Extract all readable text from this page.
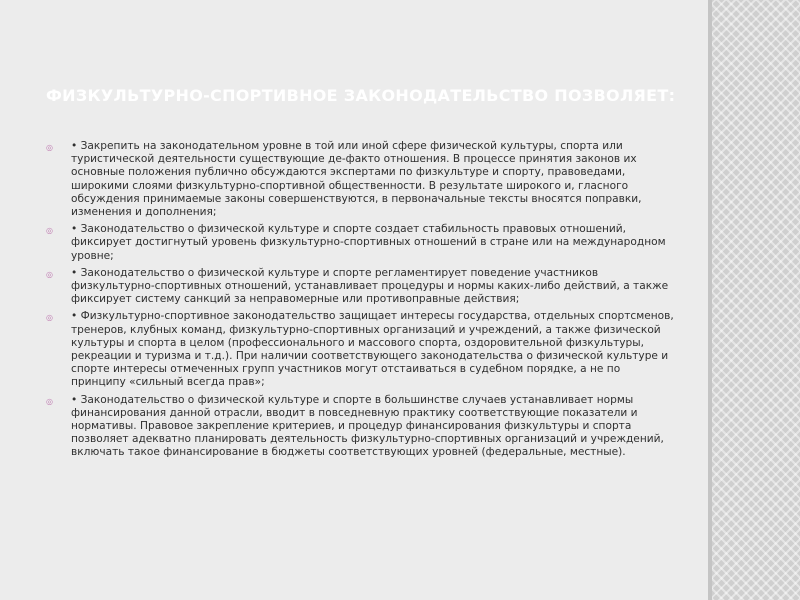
ФИЗКУЛЬТУРНО-СПОРТИВНОЕ ЗАКОНОДАТЕЛЬСТВО ПОЗВОЛЯЕТ:
◎	• Закрепить на законодательном уровне в той или иной сфере физической культуры, спорта или туристической деятельности существующие де-факто отношения. В процессе принятия законов их основные положения публично обсуждаются экспертами по физкультуре и спорту, правоведами, широкими слоями физкультурно-спортивной общественности. В результате широкого и, гласного обсуждения принимаемые законы совершенствуются, в первоначальные тексты вносятся поправки, изменения и дополнения;
◎	• Законодательство о физической культуре и спорте создает стабильность правовых отношений, фиксирует достигнутый уровень физкультурно-спортивных отношений в стране или на международном уровне;
◎	• Законодательство о физической культуре и спорте регламентирует поведение участников физкультурно-спортивных отношений, устанавливает процедуры и нормы каких-либо действий, а также фиксирует систему санкций за неправомерные или противоправные действия;
◎	• Физкультурно-спортивное законодательство защищает интересы государства, отдельных спортсменов, тренеров, клубных команд, физкультурно-спортивных организаций и учреждений, а также физической культуры и спорта в целом (профессионального и массового спорта, оздоровительной физкультуры, рекреации и туризма и т.д.). При наличии соответствующего законодательства о физической культуре и спорте интересы отмеченных групп участников могут отстаиваться в судебном порядке, а не по принципу «сильный всегда прав»;
◎	• Законодательство о физической культуре и спорте в большинстве случаев устанавливает нормы финансирования данной отрасли, вводит в повседневную практику соответствующие показатели и нормативы. Правовое закрепление критериев, и процедур финансирования физкультуры и спорта позволяет адекватно планировать деятельность физкультурно-спортивных организаций и учреждений, включать такое финансирование в бюджеты соответствующих уровней (федеральные, местные).
